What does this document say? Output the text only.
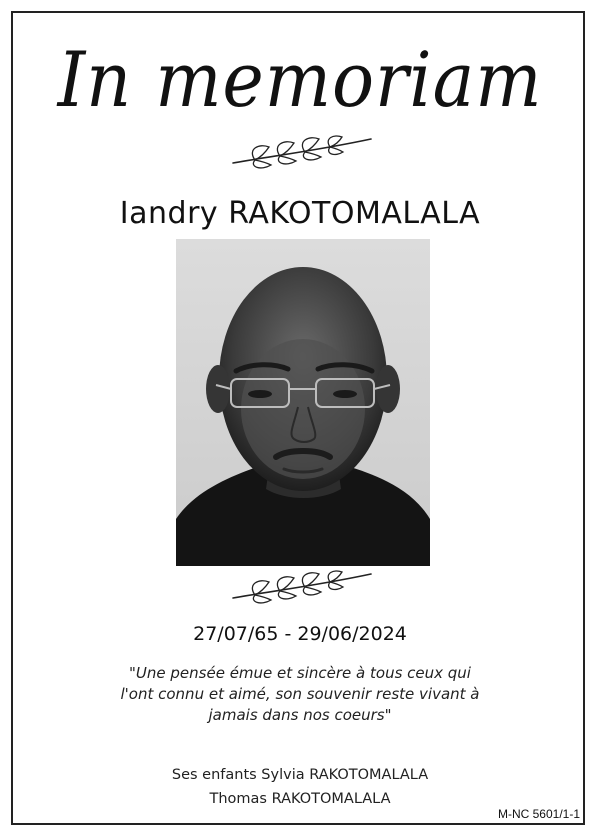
In memoriam
Iandry RAKOTOMALALA
27/07/65 - 29/06/2024
"Une pensée émue et sincère à tous ceux qui l'ont connu et aimé, son souvenir reste vivant à jamais dans nos coeurs"
Ses enfants Sylvia RAKOTOMALALA
Thomas RAKOTOMALALA
M-NC 5601/1-1
